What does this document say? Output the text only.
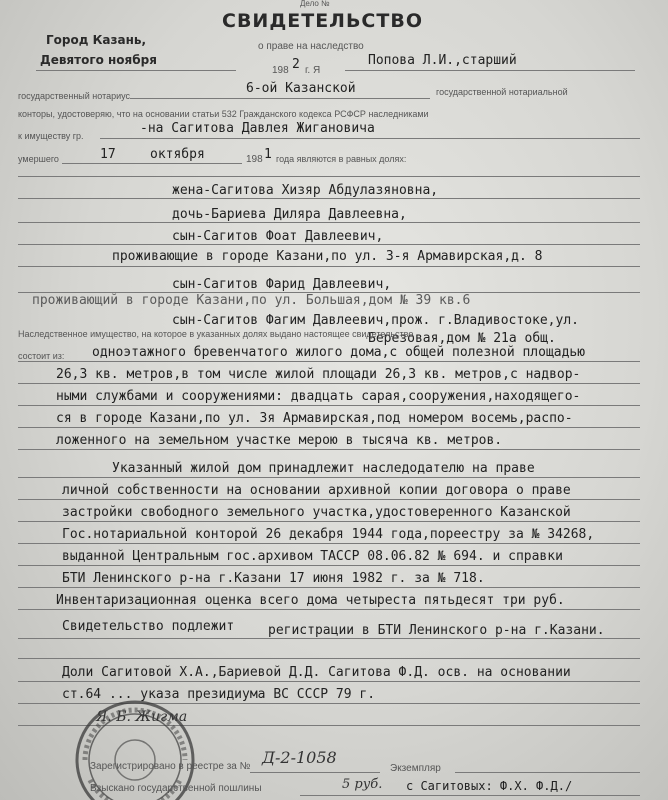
Дело №
СВИДЕТЕЛЬСТВО
о праве на наследство
Город Казань,
Девятого ноября
198 2 г. Я
Попова Л.И.,старший
государственный нотариус	6-ой Казанской	государственной нотариальной
конторы, удостоверяю, что на основании статьи 532 Гражданского кодекса РСФСР наследниками
к имуществу гр.	-на Сагитова Давлея Жигановича
умершего	17	октября	198 1 года являются в равных долях:
жена-Сагитова Хизяр Абдулазяновна,
дочь-Бариева Диляра Давлеевна,
сын-Сагитов Фоат Давлеевич,
проживающие в городе Казани,по ул. 3-я Армавирская,д. 8
сын-Сагитов Фарид Давлеевич,
проживающий в городе Казани,по ул. Большая,дом № 39 кв.6
сын-Сагитов Фагим Давлеевич,прож. г.Владивостоке,ул.
Березовая,дом № 21а общ.
Наследственное имущество, на которое в указанных долях выдано настоящее свидетельство
состоит из: одноэтажного бревенчатого жилого дома,с общей полезной площадью
26,3 кв. метров,в том числе жилой площади 26,3 кв. метров,с надвор-
ными службами и сооружениями: двадцать сарая,сооружения,находящего-
ся в городе Казани,по ул. 3я Армавирская,под номером восемь,распо-
ложенного на земельном участке мерою в тысяча кв. метров.
Указанный жилой дом принадлежит наследодателю на праве
личной собственности на основании архивной копии договора о праве
застройки свободного земельного участка,удостоверенного Казанской
Гос.нотариальной конторой 26 декабря 1944 года,пореестру за № 34268,
выданной Центральным гос.архивом ТАССР 08.06.82 № 694. и справки
БТИ Ленинского р-на г.Казани 17 июня 1982 г. за № 718.
Инвентаризационная оценка всего дома четыреста пятьдесят три руб.
Свидетельство подлежит	регистрации в БТИ Ленинского р-на г.Казани.
Доли Сагитовой Х.А.,Бариевой Д.Д. Сагитова Ф.Д. осв. на основании
ст.64 ... указа президиума ВС СССР 79 г.
Я. Б. Жигма
Зарегистрировано в реестре за № Д-2-1058
Экземпляр
Взыскано государственной пошлины	5 руб. с Сагитовых: Ф.Х. Ф.Д./
